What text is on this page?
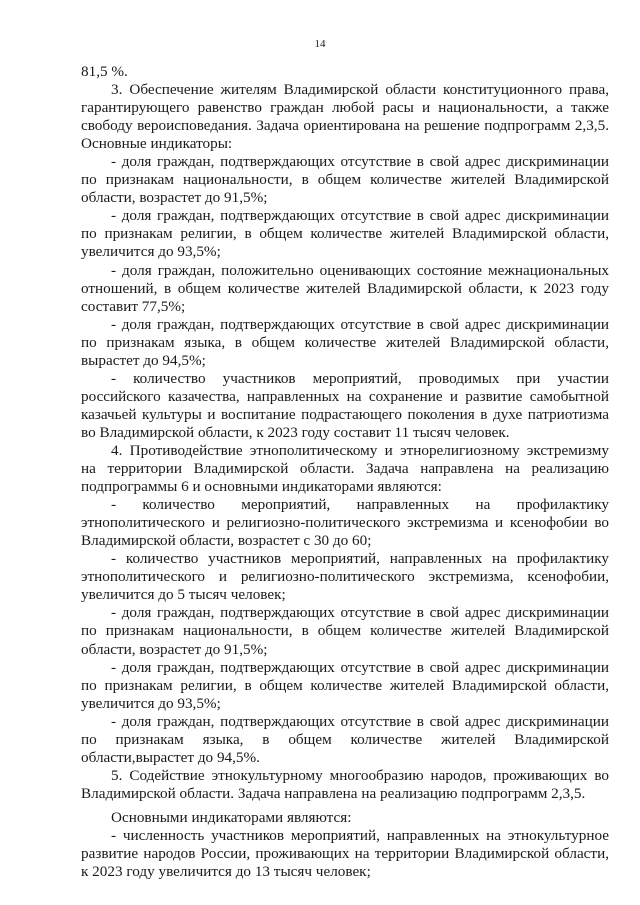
14

81,5 %.

3. Обеспечение жителям Владимирской области конституционного права, гарантирующего равенство граждан любой расы и национальности, а также свободу вероисповедания. Задача ориентирована на решение подпрограмм 2,3,5. Основные индикаторы:

- доля граждан, подтверждающих отсутствие в свой адрес дискриминации по признакам национальности, в общем количестве жителей Владимирской области, возрастет до 91,5%;

- доля граждан, подтверждающих отсутствие в свой адрес дискриминации по признакам религии, в общем количестве жителей Владимирской области, увеличится до 93,5%;

- доля граждан, положительно оценивающих состояние межнациональных отношений, в общем количестве жителей Владимирской области, к 2023 году составит 77,5%;

- доля граждан, подтверждающих отсутствие в свой адрес дискриминации по признакам языка, в общем количестве жителей Владимирской области, вырастет до 94,5%;

- количество участников мероприятий, проводимых при участии российского казачества, направленных на сохранение и развитие самобытной казачьей культуры и воспитание подрастающего поколения в духе патриотизма во Владимирской области, к 2023 году составит 11 тысяч человек.

4. Противодействие этнополитическому и этнорелигиозному экстремизму на территории Владимирской области. Задача направлена на реализацию подпрограммы 6 и основными индикаторами являются:

- количество мероприятий, направленных на профилактику этнополитического и религиозно-политического экстремизма и ксенофобии во Владимирской области, возрастет с 30 до 60;

- количество участников мероприятий, направленных на профилактику этнополитического и религиозно-политического экстремизма, ксенофобии, увеличится до 5 тысяч человек;

- доля граждан, подтверждающих отсутствие в свой адрес дискриминации по признакам национальности, в общем количестве жителей Владимирской области, возрастет до 91,5%;

- доля граждан, подтверждающих отсутствие в свой адрес дискриминации по признакам религии, в общем количестве жителей Владимирской области, увеличится до 93,5%;

- доля граждан, подтверждающих отсутствие в свой адрес дискриминации по признакам языка, в общем количестве жителей Владимирской области,вырастет до 94,5%.

5. Содействие этнокультурному многообразию народов, проживающих во Владимирской области. Задача направлена на реализацию подпрограмм 2,3,5.

Основными индикаторами являются:

- численность участников мероприятий, направленных на этнокультурное развитие народов России, проживающих на территории Владимирской области, к 2023 году увеличится до 13 тысяч человек;
